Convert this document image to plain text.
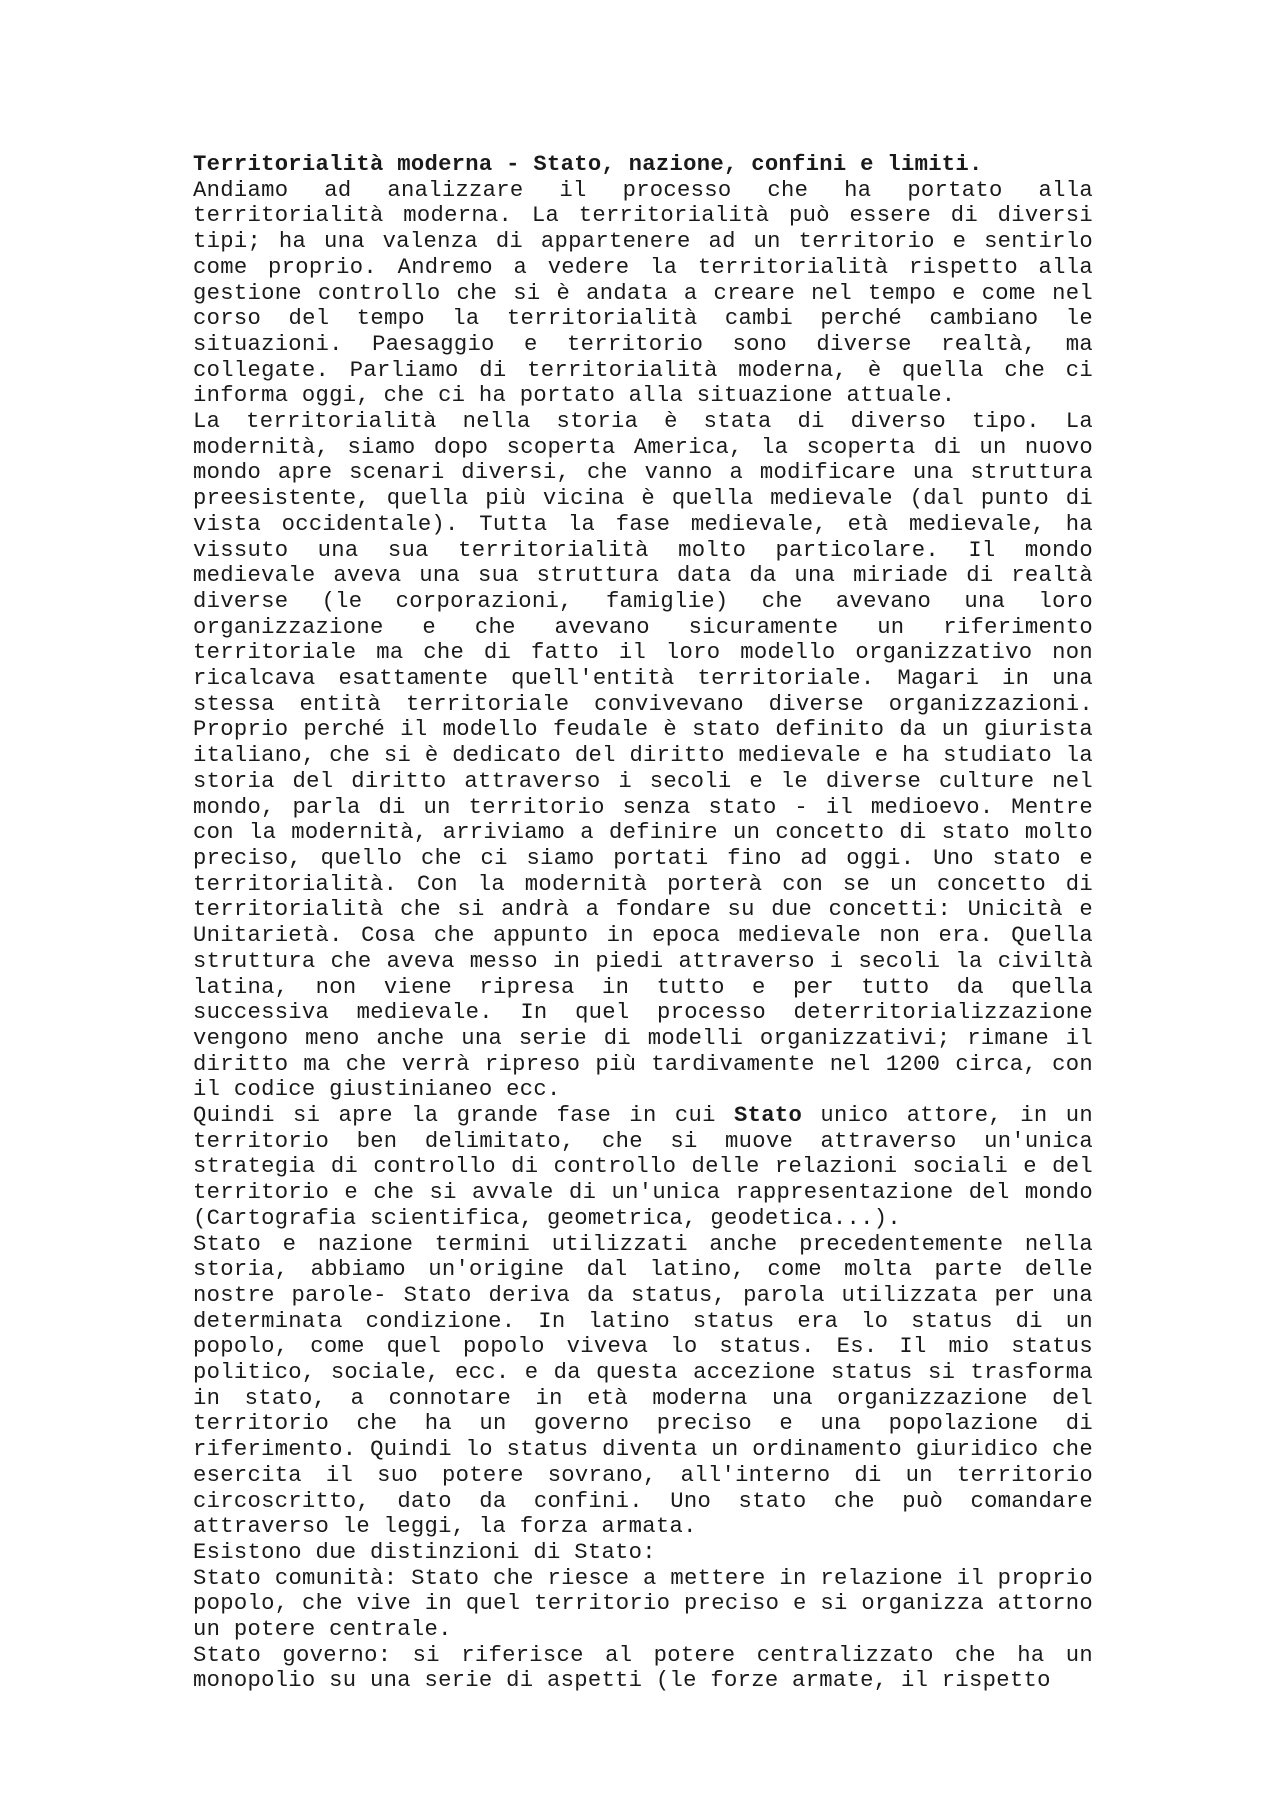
Territorialità moderna - Stato, nazione, confini e limiti.

Andiamo ad analizzare il processo che ha portato alla territorialità moderna. La territorialità può essere di diversi tipi; ha una valenza di appartenere ad un territorio e sentirlo come proprio. Andremo a vedere la territorialità rispetto alla gestione controllo che si è andata a creare nel tempo e come nel corso del tempo la territorialità cambi perché cambiano le situazioni. Paesaggio e territorio sono diverse realtà, ma collegate. Parliamo di territorialità moderna, è quella che ci informa oggi, che ci ha portato alla situazione attuale.

La territorialità nella storia è stata di diverso tipo. La modernità, siamo dopo scoperta America, la scoperta di un nuovo mondo apre scenari diversi, che vanno a modificare una struttura preesistente, quella più vicina è quella medievale (dal punto di vista occidentale). Tutta la fase medievale, età medievale, ha vissuto una sua territorialità molto particolare. Il mondo medievale aveva una sua struttura data da una miriade di realtà diverse (le corporazioni, famiglie) che avevano una loro organizzazione e che avevano sicuramente un riferimento territoriale ma che di fatto il loro modello organizzativo non ricalcava esattamente quell'entità territoriale. Magari in una stessa entità territoriale convivevano diverse organizzazioni. Proprio perché il modello feudale è stato definito da un giurista italiano, che si è dedicato del diritto medievale e ha studiato la storia del diritto attraverso i secoli e le diverse culture nel mondo, parla di un territorio senza stato - il medioevo. Mentre con la modernità, arriviamo a definire un concetto di stato molto preciso, quello che ci siamo portati fino ad oggi. Uno stato e territorialità. Con la modernità porterà con se un concetto di territorialità che si andrà a fondare su due concetti: Unicità e Unitarietà. Cosa che appunto in epoca medievale non era. Quella struttura che aveva messo in piedi attraverso i secoli la civiltà latina, non viene ripresa in tutto e per tutto da quella successiva medievale. In quel processo deterritorializzazione vengono meno anche una serie di modelli organizzativi; rimane il diritto ma che verrà ripreso più tardivamente nel 1200 circa, con il codice giustinianeo ecc.

Quindi si apre la grande fase in cui Stato unico attore, in un territorio ben delimitato, che si muove attraverso un'unica strategia di controllo di controllo delle relazioni sociali e del territorio e che si avvale di un'unica rappresentazione del mondo (Cartografia scientifica, geometrica, geodetica...).

Stato e nazione termini utilizzati anche precedentemente nella storia, abbiamo un'origine dal latino, come molta parte delle nostre parole- Stato deriva da status, parola utilizzata per una determinata condizione. In latino status era lo status di un popolo, come quel popolo viveva lo status. Es. Il mio status politico, sociale, ecc. e da questa accezione status si trasforma in stato, a connotare in età moderna una organizzazione del territorio che ha un governo preciso e una popolazione di riferimento. Quindi lo status diventa un ordinamento giuridico che esercita il suo potere sovrano, all'interno di un territorio circoscritto, dato da confini. Uno stato che può comandare attraverso le leggi, la forza armata.

Esistono due distinzioni di Stato:

Stato comunità: Stato che riesce a mettere in relazione il proprio popolo, che vive in quel territorio preciso e si organizza attorno un potere centrale.

Stato governo: si riferisce al potere centralizzato che ha un monopolio su una serie di aspetti (le forze armate, il rispetto
